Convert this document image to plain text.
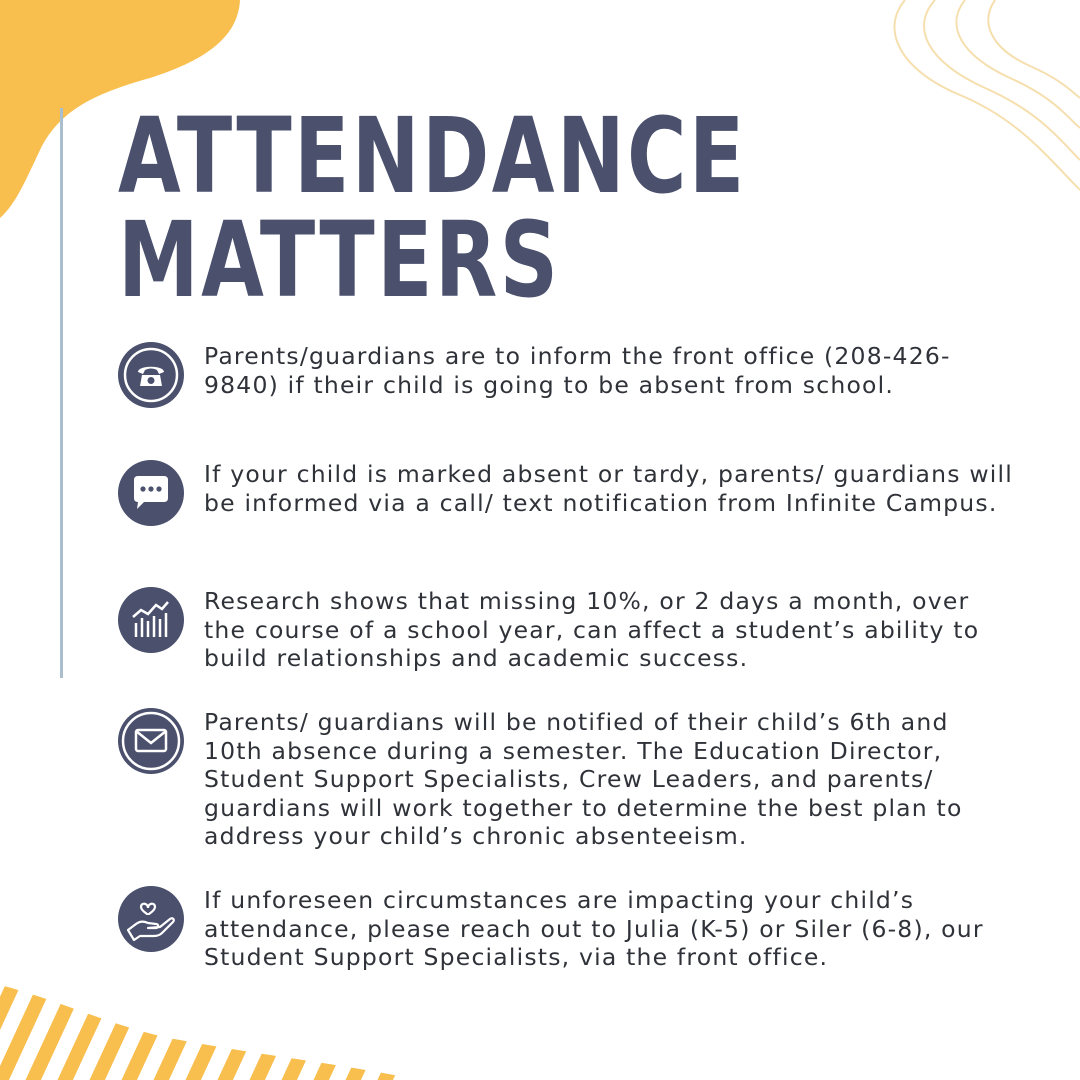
ATTENDANCE
MATTERS

Parents/guardians are to inform the front office (208-426-9840) if their child is going to be absent from school.

If your child is marked absent or tardy, parents/ guardians will be informed via a call/ text notification from Infinite Campus.

Research shows that missing 10%, or 2 days a month, over the course of a school year, can affect a student’s ability to build relationships and academic success.

Parents/ guardians will be notified of their child’s 6th and 10th absence during a semester. The Education Director, Student Support Specialists, Crew Leaders, and parents/ guardians will work together to determine the best plan to address your child’s chronic absenteeism.

If unforeseen circumstances are impacting your child’s attendance, please reach out to Julia (K-5) or Siler (6-8), our Student Support Specialists, via the front office.
